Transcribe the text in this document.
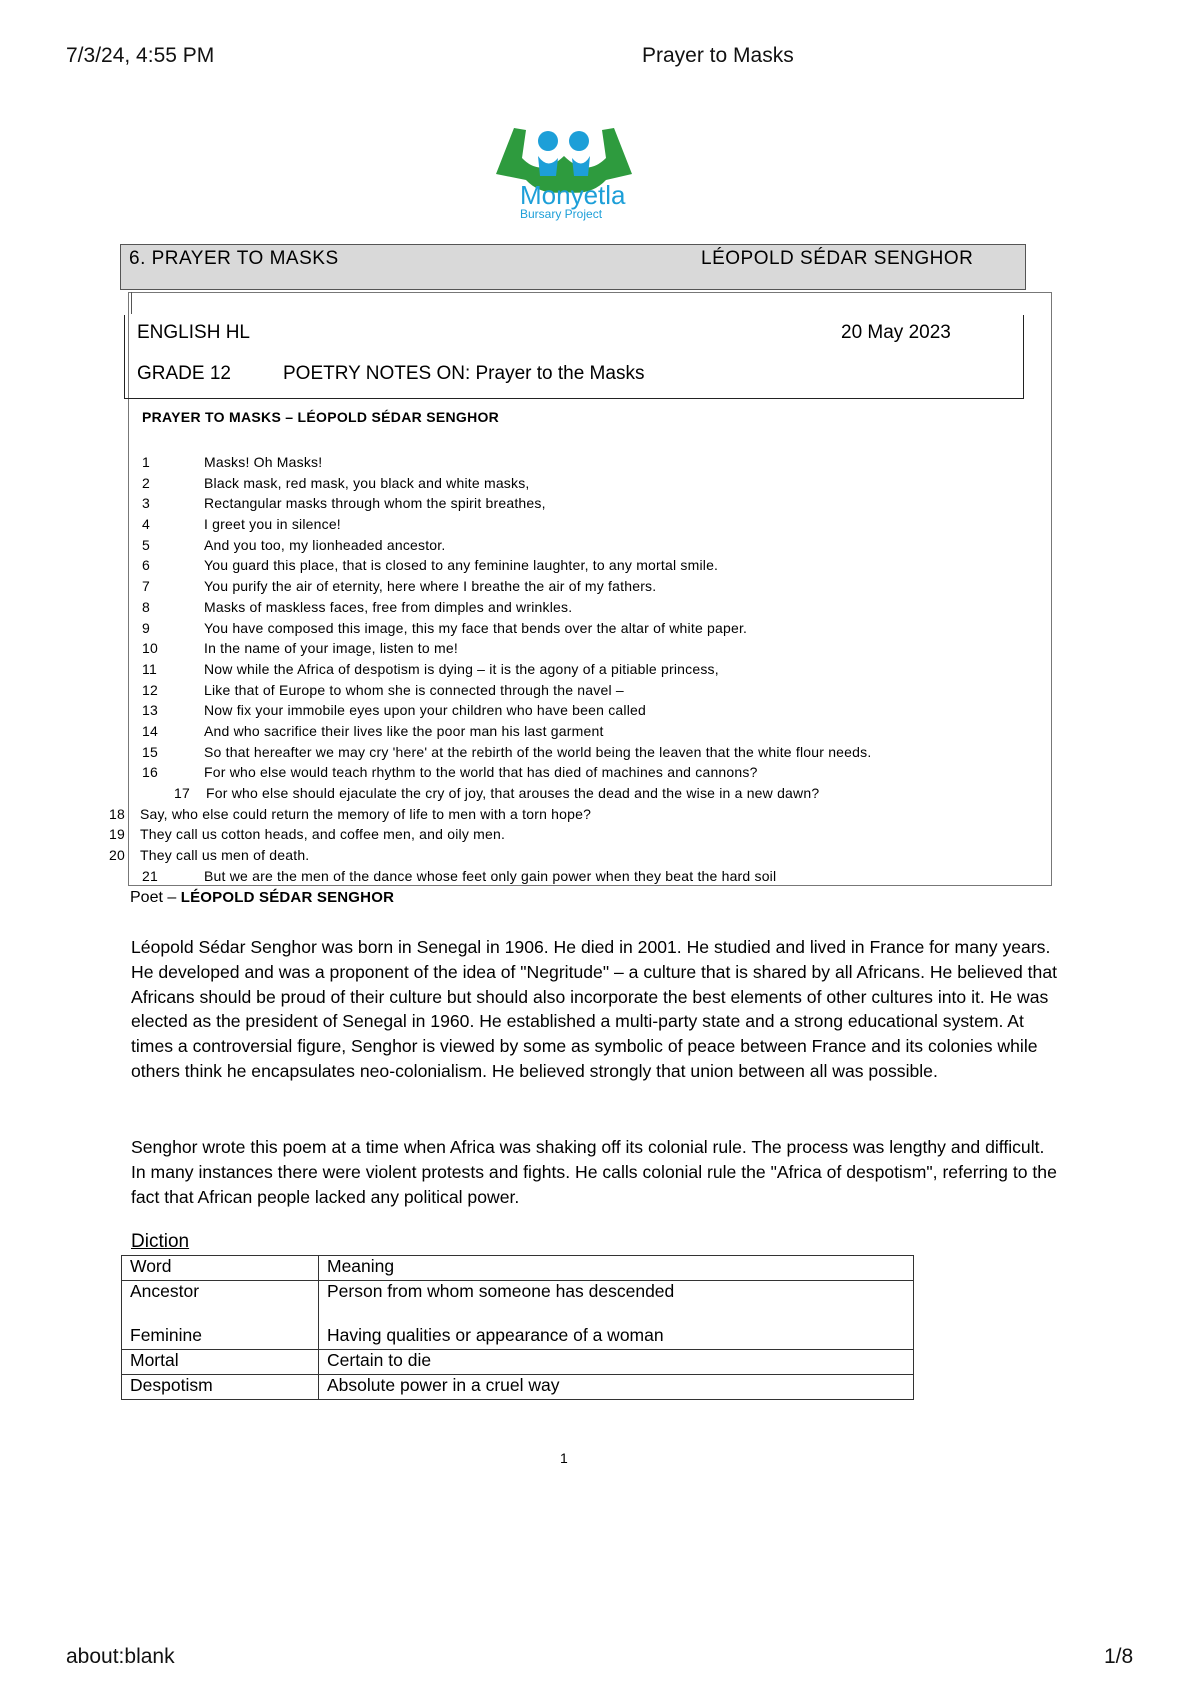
7/3/24, 4:55 PM	Prayer to Masks
about:blank	1/8
Monyetla
Bursary Project
6. PRAYER TO MASKS	LÉOPOLD SÉDAR SENGHOR
ENGLISH HL	20 May 2023
GRADE 12	POETRY NOTES ON: Prayer to the Masks
PRAYER TO MASKS – LÉOPOLD SÉDAR SENGHOR
1	Masks! Oh Masks!
2	Black mask, red mask, you black and white masks,
3	Rectangular masks through whom the spirit breathes,
4	I greet you in silence!
5	And you too, my lionheaded ancestor.
6	You guard this place, that is closed to any feminine laughter, to any mortal smile.
7	You purify the air of eternity, here where I breathe the air of my fathers.
8	Masks of maskless faces, free from dimples and wrinkles.
9	You have composed this image, this my face that bends over the altar of white paper.
10	In the name of your image, listen to me!
11	Now while the Africa of despotism is dying – it is the agony of a pitiable princess,
12	Like that of Europe to whom she is connected through the navel –
13	Now fix your immobile eyes upon your children who have been called
14	And who sacrifice their lives like the poor man his last garment
15	So that hereafter we may cry 'here' at the rebirth of the world being the leaven that the white flour needs.
16	For who else would teach rhythm to the world that has died of machines and cannons?
17 For who else should ejaculate the cry of joy, that arouses the dead and the wise in a new dawn?
18 Say, who else could return the memory of life to men with a torn hope?
19 They call us cotton heads, and coffee men, and oily men.
20 They call us men of death.
21	But we are the men of the dance whose feet only gain power when they beat the hard soil
Poet – LÉOPOLD SÉDAR SENGHOR
Léopold Sédar Senghor was born in Senegal in 1906. He died in 2001. He studied and lived in France for many years. He developed and was a proponent of the idea of "Negritude" – a culture that is shared by all Africans. He believed that Africans should be proud of their culture but should also incorporate the best elements of other cultures into it. He was elected as the president of Senegal in 1960. He established a multi-party state and a strong educational system. At times a controversial figure, Senghor is viewed by some as symbolic of peace between France and its colonies while others think he encapsulates neo-colonialism. He believed strongly that union between all was possible.
Senghor wrote this poem at a time when Africa was shaking off its colonial rule. The process was lengthy and difficult. In many instances there were violent protests and fights. He calls colonial rule the "Africa of despotism", referring to the fact that African people lacked any political power.
Diction
Word	Meaning
Ancestor	Person from whom someone has descended
Feminine	Having qualities or appearance of a woman
Mortal	Certain to die
Despotism	Absolute power in a cruel way
1
